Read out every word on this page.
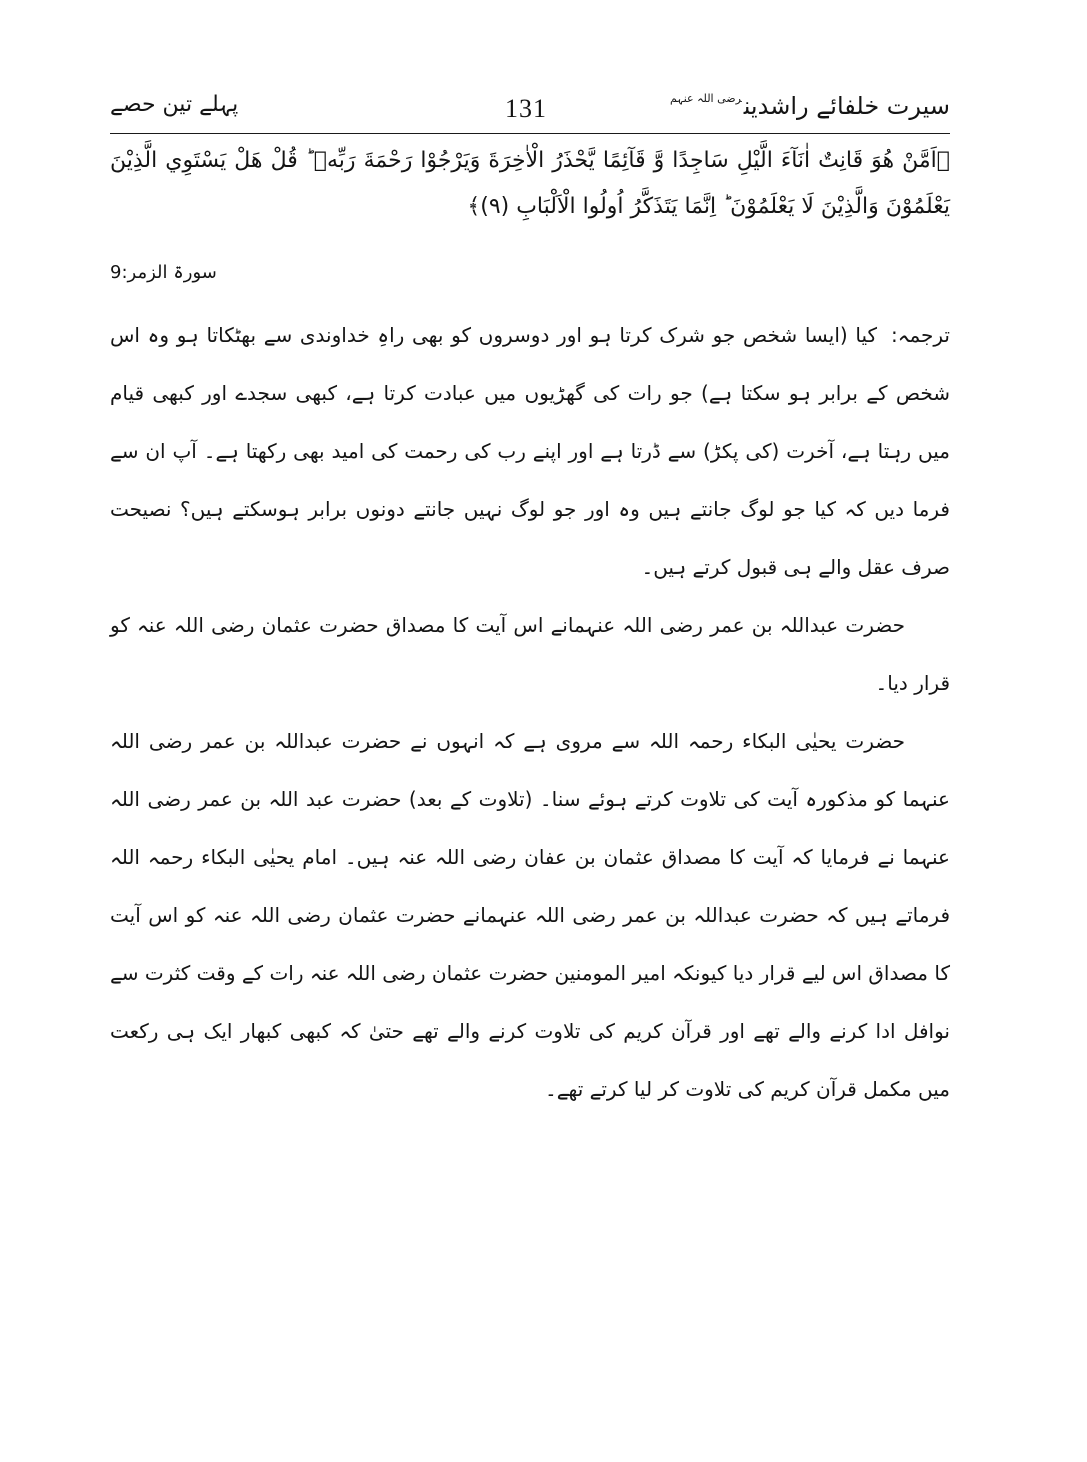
سیرت خلفائے راشدین$^{رضی اللہ عنہم}$
131
پہلے تین حصے
﴿اَمَّنْ هُوَ قَانِتٌ اٰنَآءَ الَّيْلِ سَاجِدًا وَّ قَآئِمًا يَّحْذَرُ الْاٰخِرَةَ وَيَرْجُوْا رَحْمَةَ رَبِّهٖ ؕ قُلْ هَلْ يَسْتَوِي الَّذِيْنَ يَعْلَمُوْنَ وَالَّذِيْنَ لَا يَعْلَمُوْنَ ؕ اِنَّمَا يَتَذَكَّرُ اُولُوا الْاَلْبَابِ (٩)﴾
سورۃ الزمر:9

ترجمہ:کیا (ایسا شخص جو شرک کرتا ہو اور دوسروں کو بھی راہِ خداوندی سے بھٹکاتا ہو وہ اس شخص کے برابر ہو سکتا ہے) جو رات کی گھڑیوں میں عبادت کرتا ہے، کبھی سجدے اور کبھی قیام میں رہتا ہے، آخرت (کی پکڑ) سے ڈرتا ہے اور اپنے رب کی رحمت کی امید بھی رکھتا ہے۔ آپ ان سے فرما دیں کہ کیا جو لوگ جانتے ہیں وہ اور جو لوگ نہیں جانتے دونوں برابر ہوسکتے ہیں؟ نصیحت صرف عقل والے ہی قبول کرتے ہیں۔

حضرت عبداللہ بن عمر رضی اللہ عنہمانے اس آیت کا مصداق حضرت عثمان رضی اللہ عنہ کو قرار دیا۔

حضرت یحیٰی البکاء رحمہ اللہ سے مروی ہے کہ انہوں نے حضرت عبداللہ بن عمر رضی اللہ عنہما کو مذکورہ آیت کی تلاوت کرتے ہوئے سنا۔ (تلاوت کے بعد) حضرت عبد اللہ بن عمر رضی اللہ عنہما نے فرمایا کہ آیت کا مصداق عثمان بن عفان رضی اللہ عنہ ہیں۔ امام یحیٰی البکاء رحمہ اللہ فرماتے ہیں کہ حضرت عبداللہ بن عمر رضی اللہ عنہمانے حضرت عثمان رضی اللہ عنہ کو اس آیت کا مصداق اس لیے قرار دیا کیونکہ امیر المومنین حضرت عثمان رضی اللہ عنہ رات کے وقت کثرت سے نوافل ادا کرنے والے تھے اور قرآن کریم کی تلاوت کرنے والے تھے حتیٰ کہ کبھی کبھار ایک ہی رکعت میں مکمل قرآن کریم کی تلاوت کر لیا کرتے تھے۔
